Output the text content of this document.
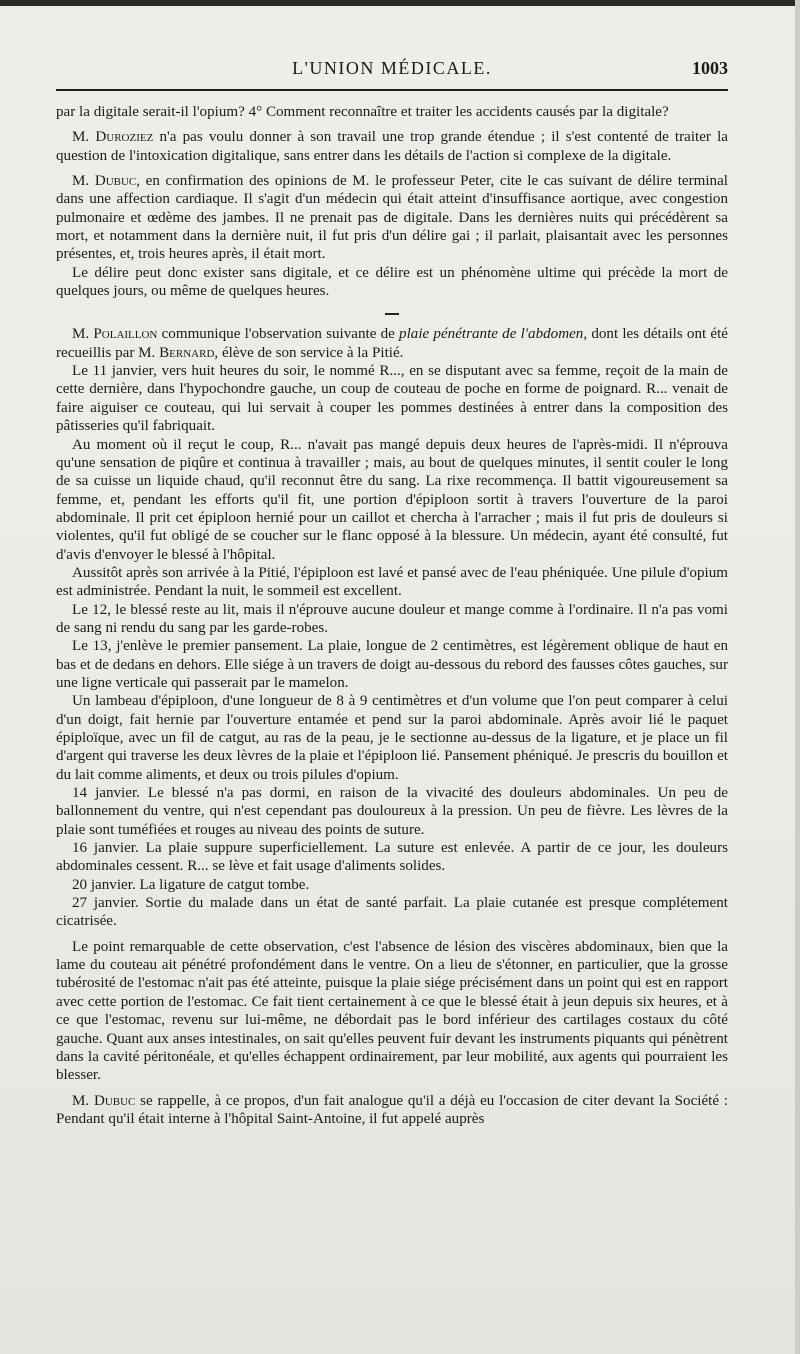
L'UNION MÉDICALE.	1003

par la digitale serait-il l'opium? 4° Comment reconnaître et traiter les accidents causés par la digitale?

M. Duroziez n'a pas voulu donner à son travail une trop grande étendue ; il s'est contenté de traiter la question de l'intoxication digitalique, sans entrer dans les détails de l'action si complexe de la digitale.

M. Dubuc, en confirmation des opinions de M. le professeur Peter, cite le cas suivant de délire terminal dans une affection cardiaque. Il s'agit d'un médecin qui était atteint d'insuffisance aortique, avec congestion pulmonaire et œdème des jambes. Il ne prenait pas de digitale. Dans les dernières nuits qui précédèrent sa mort, et notamment dans la dernière nuit, il fut pris d'un délire gai ; il parlait, plaisantait avec les personnes présentes, et, trois heures après, il était mort.

Le délire peut donc exister sans digitale, et ce délire est un phénomène ultime qui précède la mort de quelques jours, ou même de quelques heures.

M. Polaillon communique l'observation suivante de plaie pénétrante de l'abdomen, dont les détails ont été recueillis par M. Bernard, élève de son service à la Pitié.

Le 11 janvier, vers huit heures du soir, le nommé R..., en se disputant avec sa femme, reçoit de la main de cette dernière, dans l'hypochondre gauche, un coup de couteau de poche en forme de poignard. R... venait de faire aiguiser ce couteau, qui lui servait à couper les pommes destinées à entrer dans la composition des pâtisseries qu'il fabriquait.

Au moment où il reçut le coup, R... n'avait pas mangé depuis deux heures de l'après-midi. Il n'éprouva qu'une sensation de piqûre et continua à travailler ; mais, au bout de quelques minutes, il sentit couler le long de sa cuisse un liquide chaud, qu'il reconnut être du sang. La rixe recommença. Il battit vigoureusement sa femme, et, pendant les efforts qu'il fit, une portion d'épiploon sortit à travers l'ouverture de la paroi abdominale. Il prit cet épiploon hernié pour un caillot et chercha à l'arracher ; mais il fut pris de douleurs si violentes, qu'il fut obligé de se coucher sur le flanc opposé à la blessure. Un médecin, ayant été consulté, fut d'avis d'envoyer le blessé à l'hôpital.

Aussitôt après son arrivée à la Pitié, l'épiploon est lavé et pansé avec de l'eau phéniquée. Une pilule d'opium est administrée. Pendant la nuit, le sommeil est excellent.

Le 12, le blessé reste au lit, mais il n'éprouve aucune douleur et mange comme à l'ordinaire. Il n'a pas vomi de sang ni rendu du sang par les garde-robes.

Le 13, j'enlève le premier pansement. La plaie, longue de 2 centimètres, est légèrement oblique de haut en bas et de dedans en dehors. Elle siége à un travers de doigt au-dessous du rebord des fausses côtes gauches, sur une ligne verticale qui passerait par le mamelon.

Un lambeau d'épiploon, d'une longueur de 8 à 9 centimètres et d'un volume que l'on peut comparer à celui d'un doigt, fait hernie par l'ouverture entamée et pend sur la paroi abdominale. Après avoir lié le paquet épiploïque, avec un fil de catgut, au ras de la peau, je le sectionne au-dessus de la ligature, et je place un fil d'argent qui traverse les deux lèvres de la plaie et l'épiploon lié. Pansement phéniqué. Je prescris du bouillon et du lait comme aliments, et deux ou trois pilules d'opium.

14 janvier. Le blessé n'a pas dormi, en raison de la vivacité des douleurs abdominales. Un peu de ballonnement du ventre, qui n'est cependant pas douloureux à la pression. Un peu de fièvre. Les lèvres de la plaie sont tuméfiées et rouges au niveau des points de suture.

16 janvier. La plaie suppure superficiellement. La suture est enlevée. A partir de ce jour, les douleurs abdominales cessent. R... se lève et fait usage d'aliments solides.

20 janvier. La ligature de catgut tombe.

27 janvier. Sortie du malade dans un état de santé parfait. La plaie cutanée est presque complétement cicatrisée.

Le point remarquable de cette observation, c'est l'absence de lésion des viscères abdominaux, bien que la lame du couteau ait pénétré profondément dans le ventre. On a lieu de s'étonner, en particulier, que la grosse tubérosité de l'estomac n'ait pas été atteinte, puisque la plaie siége précisément dans un point qui est en rapport avec cette portion de l'estomac. Ce fait tient certainement à ce que le blessé était à jeun depuis six heures, et à ce que l'estomac, revenu sur lui-même, ne débordait pas le bord inférieur des cartilages costaux du côté gauche. Quant aux anses intestinales, on sait qu'elles peuvent fuir devant les instruments piquants qui pénètrent dans la cavité péritonéale, et qu'elles échappent ordinairement, par leur mobilité, aux agents qui pourraient les blesser.

M. Dubuc se rappelle, à ce propos, d'un fait analogue qu'il a déjà eu l'occasion de citer devant la Société : Pendant qu'il était interne à l'hôpital Saint-Antoine, il fut appelé auprès
